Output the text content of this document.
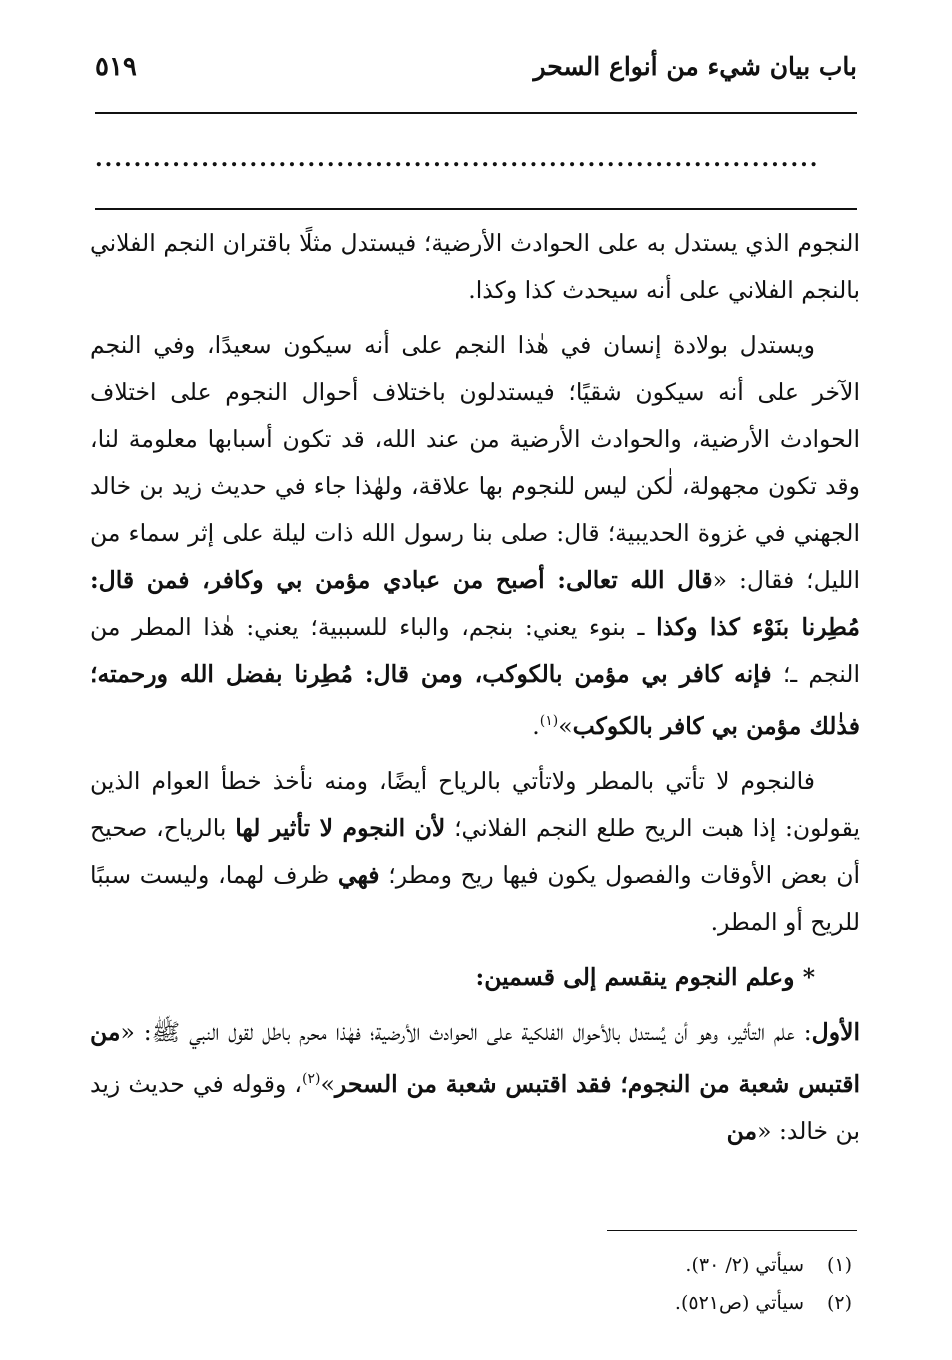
باب بيان شيء من أنواع السحر
٥١٩
...........................................................................

النجوم الذي يستدل به على الحوادث الأرضية؛ فيستدل مثلًا باقتران النجم الفلاني بالنجم الفلاني على أنه سيحدث كذا وكذا.

ويستدل بولادة إنسان في هٰذا النجم على أنه سيكون سعيدًا، وفي النجم الآخر على أنه سيكون شقيًا؛ فيستدلون باختلاف أحوال النجوم على اختلاف الحوادث الأرضية، والحوادث الأرضية من عند الله، قد تكون أسبابها معلومة لنا، وقد تكون مجهولة، لٰكن ليس للنجوم بها علاقة، ولهٰذا جاء في حديث زيد بن خالد الجهني في غزوة الحديبية؛ قال: صلى بنا رسول الله ذات ليلة على إثر سماء من الليل؛ فقال: «قال الله تعالى: أصبح من عبادي مؤمن بي وكافر، فمن قال: مُطِرنا بنَوْء كذا وكذا ـ بنوء يعني: بنجم، والباء للسببية؛ يعني: هٰذا المطر من النجم ـ؛ فإنه كافر بي مؤمن بالكوكب، ومن قال: مُطِرنا بفضل الله ورحمته؛ فذٰلك مؤمن بي كافر بالكوكب»$^{(١)}$.

فالنجوم لا تأتي بالمطر ولاتأتي بالرياح أيضًا، ومنه نأخذ خطأ العوام الذين يقولون: إذا هبت الريح طلع النجم الفلاني؛ لأن النجوم لا تأثير لها بالرياح، صحيح أن بعض الأوقات والفصول يكون فيها ريح ومطر؛ فهي ظرف لهما، وليست سببًا للريح أو المطر.

* وعلم النجوم ينقسم إلى قسمين:

الأول: علم التأثير، وهو أن يُستدل بالأحوال الفلكية على الحوادث الأرضية؛ فهٰذا محرم باطل لقول النبي ﷺ: «من اقتبس شعبة من النجوم؛ فقد اقتبس شعبة من السحر»$^{(٢)}$، وقوله في حديث زيد بن خالد: «من

(١)سيأتي (٢/ ٣٠).
(٢)سيأتي (ص٥٢١).
